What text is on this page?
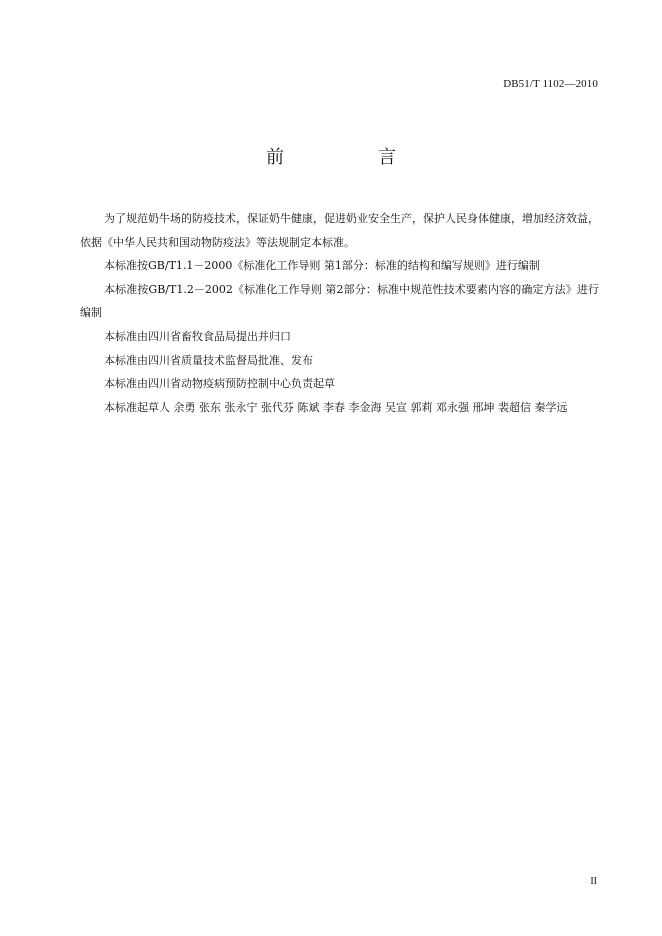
DB51/T 1102—2010
前　言

为了规范奶牛场的防疫技术，保证奶牛健康，促进奶业安全生产，保护人民身体健康，增加经济效益，依据《中华人民共和国动物防疫法》等法规制定本标准。

本标准按GB/T1.1－2000《标准化工作导则 第1部分：标准的结构和编写规则》进行编制

本标准按GB/T1.2－2002《标准化工作导则 第2部分：标准中规范性技术要素内容的确定方法》进行编制

本标准由四川省畜牧食品局提出并归口

本标准由四川省质量技术监督局批准、发布

本标准由四川省动物疫病预防控制中心负责起草

本标准起草人 余勇 张东 张永宁 张代芬 陈斌 李春 李金海 吴宣 郭莉 邓永强 邢坤 裴超信 秦学远

II
